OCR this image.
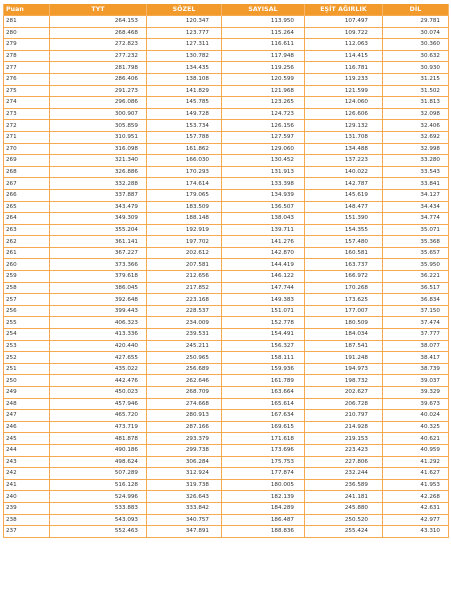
Puan	TYT	SÖZEL	SAYISAL	EŞİT AĞIRLIK	DİL
281	264.153	120.347	113.950	107.497	29.781
280	268.468	123.777	115.264	109.722	30.074
279	272.823	127.311	116.611	112.063	30.360
278	277.232	130.782	117.948	114.415	30.632
277	281.798	134.435	119.256	116.781	30.930
276	286.406	138.108	120.599	119.233	31.215
275	291.273	141.829	121.968	121.599	31.502
274	296.086	145.785	123.265	124.060	31.813
273	300.907	149.728	124.723	126.606	32.098
272	305.859	153.734	126.156	129.132	32.406
271	310.951	157.788	127.597	131.708	32.692
270	316.098	161.862	129.060	134.488	32.998
269	321.340	166.030	130.452	137.223	33.280
268	326.886	170.293	131.913	140.022	33.543
267	332.288	174.614	133.398	142.787	33.841
266	337.887	179.065	134.939	145.619	34.127
265	343.479	183.509	136.507	148.477	34.434
264	349.309	188.148	138.043	151.390	34.774
263	355.204	192.919	139.711	154.355	35.071
262	361.141	197.702	141.276	157.480	35.368
261	367.227	202.612	142.870	160.581	35.657
260	373.366	207.581	144.419	163.737	35.950
259	379.618	212.656	146.122	166.972	36.221
258	386.045	217.852	147.744	170.268	36.517
257	392.648	223.168	149.383	173.625	36.834
256	399.443	228.537	151.071	177.007	37.150
255	406.323	234.009	152.778	180.509	37.474
254	413.336	239.531	154.491	184.034	37.777
253	420.440	245.211	156.327	187.541	38.077
252	427.655	250.965	158.111	191.248	38.417
251	435.022	256.689	159.936	194.973	38.739
250	442.476	262.646	161.789	198.732	39.037
249	450.023	268.709	163.664	202.627	39.329
248	457.946	274.668	165.614	206.728	39.673
247	465.720	280.913	167.634	210.797	40.024
246	473.719	287.166	169.615	214.928	40.325
245	481.878	293.379	171.618	219.153	40.621
244	490.186	299.738	173.696	223.423	40.959
243	498.624	306.284	175.753	227.806	41.292
242	507.289	312.924	177.874	232.244	41.627
241	516.128	319.738	180.005	236.589	41.953
240	524.996	326.643	182.139	241.181	42.268
239	533.883	333.842	184.289	245.880	42.631
238	543.093	340.757	186.487	250.520	42.977
237	552.463	347.891	188.836	255.424	43.310
